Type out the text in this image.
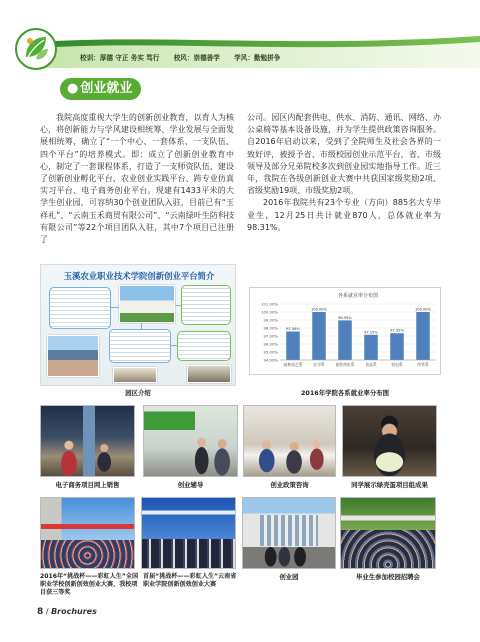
校训：厚德 守正 务实 笃行 校风：崇德善学 学风：勤勉拼争
● 创业就业

我院高度重视大学生的创新创业教育，以育人为核心，将创新能力与学风建设相统筹、学业发展与全面发展相统筹，确立了“一个中心、一套体系、一支队伍、四个平台”的培养模式。即：成立了创新创业教育中心，制定了一套课程体系，打造了一支师资队伍，建设了创新创业孵化平台、农业创业实践平台、跨专业仿真实习平台、电子商务创业平台。现建有1433平米的大学生创业园，可容纳30个创业团队入驻，目前已有“玉祥礼”、“云南玉禾商贸有限公司”、“云南绿叶生防科技有限公司”等22个项目团队入驻，其中7个项目已注册了

公司。园区内配套供电、供水、消防、通讯、网络、办公桌椅等基本设备设施，并为学生提供政策咨询服务。自2016年启动以来，受到了全院师生及社会各界的一致好评，被授予省、市级校园创业示范平台，省、市级领导及部分兄弟院校多次到创业园实地指导工作。近三年，我院在各级创新创业大赛中共获国家级奖励2项、省级奖励19项、市级奖励2项。

2016年我院共有23个专业（方向）885名大专毕业生，12月25日共计就业870人，总体就业率为98.31%。

玉溪农业职业技术学院创新创业平台简介
园区介绍
各系就业率分布图
94.00%
95.00%
96.00%
97.00%
98.00%
99.00%
100.00%
101.00%
97.56%
园林园艺系
100.00%
农学系
98.95%
畜牧兽医系
97.15%
食品系
97.35%
机电系
100.00%
经管系
2016年学院各系就业率分布图
电子商务项目网上销售	创业辅导	创业政策咨询	同学展示绿壳蛋项目组成果
2016年“挑战杯——彩虹人生”全国职业学校创新创效创业大赛，我校项目获三等奖
首届“挑战杯——彩虹人生”云南省职业学院创新创效创业大赛
创业园	毕业生参加校园招聘会
8 / Brochures
